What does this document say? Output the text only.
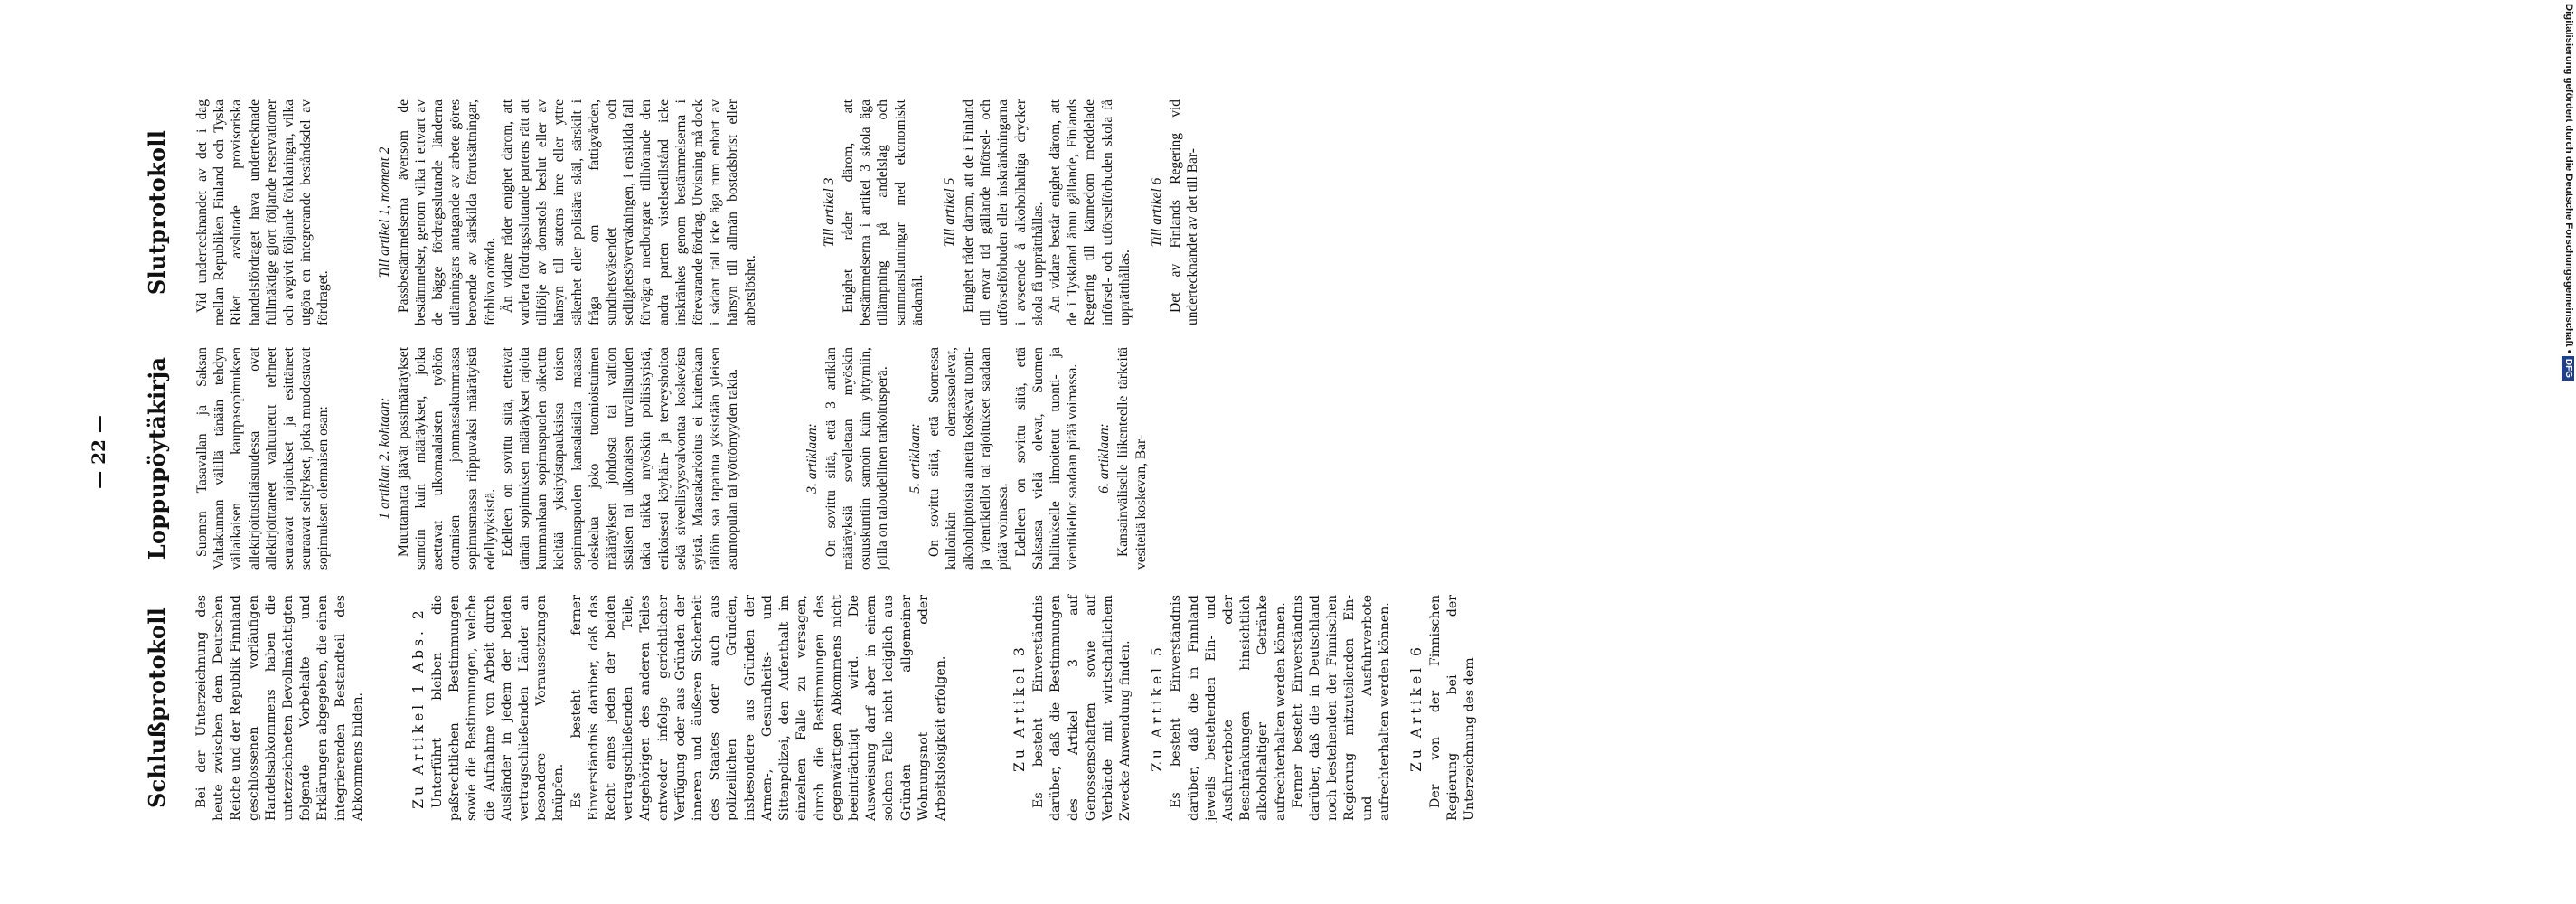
— 22 —
Schlußprotokoll Bei der Unterzeichnung des heute zwischen dem Deutschen Reiche und der Republik Finnland geschlossenen vorläufigen Handelsabkommens haben die unterzeichneten Bevollmächtigten folgende Vorbehalte und Erklärungen abgegeben, die einen integrierenden Bestandteil des Abkommens bilden.	Zu Artikel 1 Abs. 2 Unterführt bleiben die paßrechtlichen Bestimmungen sowie die Bestimmungen, welche die Aufnahme von Arbeit durch Ausländer in jedem der beiden vertragschließenden Länder an besondere Voraussetzungen knüpfen. Es besteht ferner Einverständnis darüber, daß das Recht eines jeden der beiden vertragschließenden Teile, Angehörigen des anderen Teiles entweder infolge gerichtlicher Verfügung oder aus Gründen der inneren und äußeren Sicherheit des Staates oder auch aus polizeilichen Gründen, insbesondere aus Gründen der Armen-, Gesundheits- und Sittenpolizei, den Aufenthalt im einzelnen Falle zu versagen, durch die Bestimmungen des gegenwärtigen Abkommens nicht beeinträchtigt wird. Die Ausweisung darf aber in einem solchen Falle nicht lediglich aus Gründen allgemeiner Wohnungsnot oder Arbeitslosigkeit erfolgen.	Zu Artikel 3 Es besteht Einverständnis darüber, daß die Bestimmungen des Artikel 3 auf Genossenschaften sowie auf Verbände mit wirtschaftlichem Zwecke Anwendung finden. Zu Artikel 5 Es besteht Einverständnis darüber, daß die in Finnland jeweils bestehenden Ein- und Ausfuhrverbote oder Beschränkungen hinsichtlich alkoholhaltiger Getränke aufrechterhalten werden können. Ferner besteht Einverständnis darüber, daß die in Deutschland noch bestehenden der Finnischen Regierung mitzuteilenden Ein- und Ausfuhrverbote aufrechterhalten werden können. Zu Artikel 6 Der von der Finnischen Regierung bei der Unterzeichnung des dem

Loppupöytäkirja Suomen Tasavallan ja Saksan Valtakunnan välillä tänään tehdyn väliaikaisen kauppasopimuksen allekirjoitustilaisuudessa ovat allekirjoittaneet valtuutetut tehneet seuraavat rajoitukset ja esittäneet seuraavat selitykset, jotka muodostavat sopimuksen olennaisen osan:	1 artiklan 2. kohtaan: Muuttamatta jäävät passimääräykset samoin kuin määräykset, jotka asettavat ulkomaalaisten työhön ottamisen jommassakummassa sopimusmassa riippuvaksi määrätyistä edellytyksistä. Edelleen on sovittu siitä, etteivät tämän sopimuksen määräykset rajoita kummankaan sopimuspuolen oikeutta kieltää yksityistapauksissa toisen sopimuspuolen kansalaisilta maassa oleskelua joko tuomioistuimen määräyksen johdosta tai valtion sisäisen tai ulkonaisen turvallisuuden takia taikka myöskin poliisisyistä, erikoisesti köyhäin- ja terveyshoitoa sekä siveellisyysvalvontaa koskevista syistä. Maastakarkoitus ei kuitenkaan tällöin saa tapahtua yksistään yleisen asuntopulan tai työttömyyden takia.	3. artiklaan: On sovittu siitä, että 3 artiklan määräyksiä sovelletaan myöskin osuuskuntiin samoin kuin yhtymiin, joilla on taloudellinen tarkoitusperä. 5. artiklaan: On sovittu siitä, että Suomessa kulloinkin olemassaolevat, alkoholipitoisia aineita koskevat tuonti- ja vientikiellot tai rajoitukset saadaan pitää voimassa. Edelleen on sovittu siitä, että Saksassa vielä olevat, Suomen hallitukselle ilmoitetut tuonti- ja vientikiellot saadaan pitää voimassa. 6. artiklaan: Kansainväliselle liikenteelle tärkeitä vesiteitä koskevan, Bar-

Slutprotokoll Vid undertecknandet av det i dag mellan Republiken Finland och Tyska Riket avslutade provisoriska handelsfördraget hava undertecknade fullmäktige gjort följande reservationer och avgivit följande förklaringar, vilka utgöra en integrerande beståndsdel av fördraget.

Till artikel 1, moment 2 Passbestämmelserna ävensom de bestämmelser, genom vilka i ettvart av de bägge fördragsslutande länderna utlänningars antagande av arbete göres beroende av särskilda förutsättningar, förbliva orörda. Än vidare råder enighet därom, att vardera fördragsslutande partens rätt att tillfölje av domstols beslut eller av hänsyn till statens inre eller yttre säkerhet eller polisiära skäl, särskilt i fråga om fattigvården, sundhetsväsendet och sedlighetsövervakningen, i enskilda fall förvägra medborgare tillhörande den andra parten vistelsetillstånd icke inskränkes genom bestämmelserna i förevarande fördrag. Utvisning må dock i sådant fall icke äga rum enbart av hänsyn till allmän bostadsbrist eller arbetslöshet.

Till artikel 3 Enighet råder därom, att bestämmelserna i artikel 3 skola äga tillämpning på andelslag och sammanslutningar med ekonomiskt ändamål.

Till artikel 5 Enighet råder därom, att de i Finland till envar tid gällande införsel- och utförselförbuden eller inskränkningarna i avseende å alkoholhaltiga drycker skola få upprätthållas. Än vidare består enighet därom, att de i Tyskland ännu gällande, Finlands Regering till kännedom meddelade införsel- och utförselförbuden skola få upprätthållas.

Till artikel 6 Det av Finlands Regering vid undertecknandet av det till Bar-	Digitalisierung gefördert durch die Deutsche Forschungsgemeinschaft •DFG
